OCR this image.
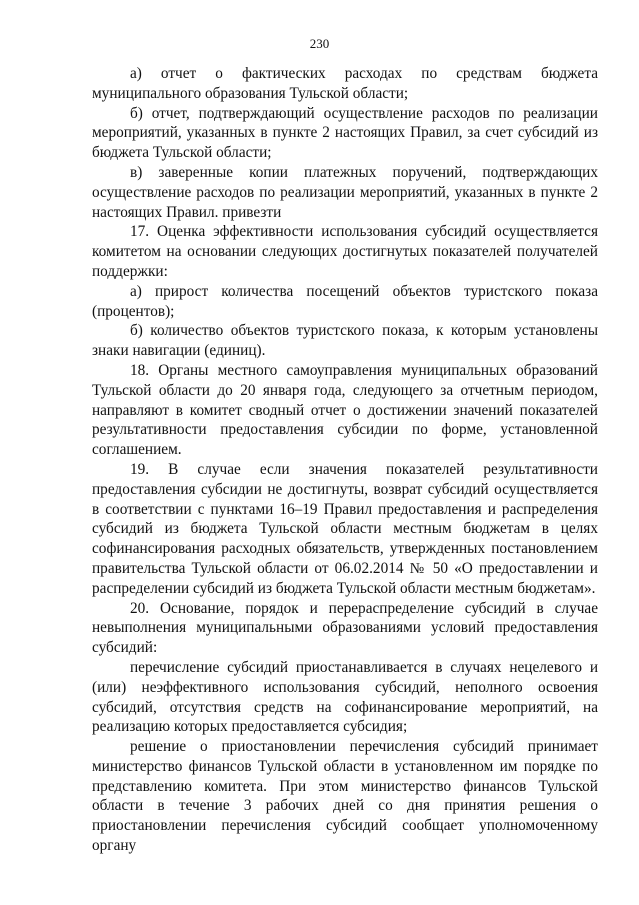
230

а) отчет о фактических расходах по средствам бюджета муниципального образования Тульской области;

б) отчет, подтверждающий осуществление расходов по реализации мероприятий, указанных в пункте 2 настоящих Правил, за счет субсидий из бюджета Тульской области;

в) заверенные копии платежных поручений, подтверждающих осуществление расходов по реализации мероприятий, указанных в пункте 2 настоящих Правил. привезти

17. Оценка эффективности использования субсидий осуществляется комитетом на основании следующих достигнутых показателей получателей поддержки:

а) прирост количества посещений объектов туристского показа (процентов);

б) количество объектов туристского показа, к которым установлены знаки навигации (единиц).

18. Органы местного самоуправления муниципальных образований Тульской области до 20 января года, следующего за отчетным периодом, направляют в комитет сводный отчет о достижении значений показателей результативности предоставления субсидии по форме, установленной соглашением.

19. В случае если значения показателей результативности предоставления субсидии не достигнуты, возврат субсидий осуществляется в соответствии с пунктами 16–19 Правил предоставления и распределения субсидий из бюджета Тульской области местным бюджетам в целях софинансирования расходных обязательств, утвержденных постановлением правительства Тульской области от 06.02.2014 № 50 «О предоставлении и распределении субсидий из бюджета Тульской области местным бюджетам».

20. Основание, порядок и перераспределение субсидий в случае невыполнения муниципальными образованиями условий предоставления субсидий:

перечисление субсидий приостанавливается в случаях нецелевого и (или) неэффективного использования субсидий, неполного освоения субсидий, отсутствия средств на софинансирование мероприятий, на реализацию которых предоставляется субсидия;

решение о приостановлении перечисления субсидий принимает министерство финансов Тульской области в установленном им порядке по представлению комитета. При этом министерство финансов Тульской области в течение 3 рабочих дней со дня принятия решения о приостановлении перечисления субсидий сообщает уполномоченному органу
